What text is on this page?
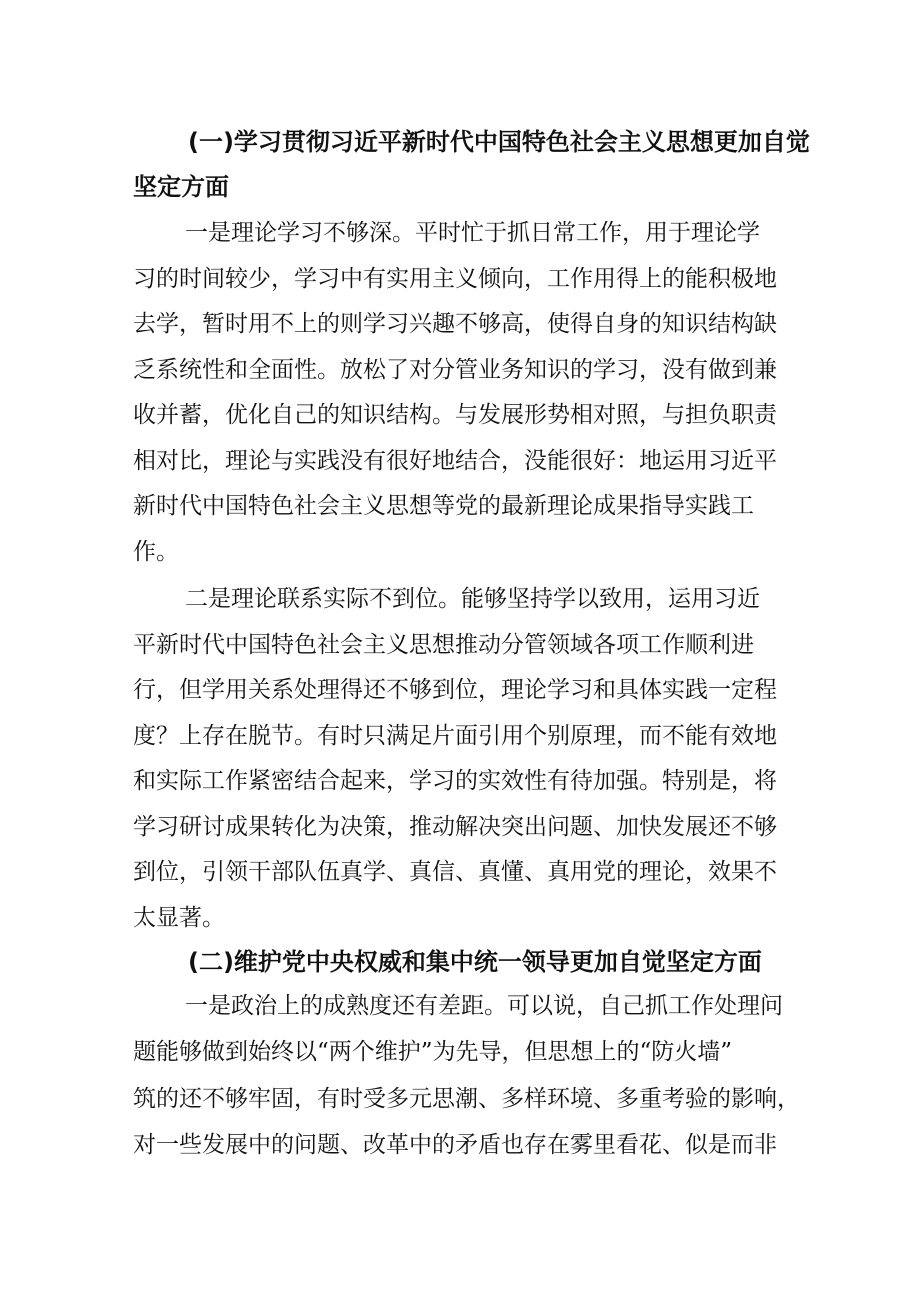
(一)学习贯彻习近平新时代中国特色社会主义思想更加自觉
坚定方面
一是理论学习不够深。平时忙于抓日常工作，用于理论学
习的时间较少，学习中有实用主义倾向，工作用得上的能积极地
去学，暂时用不上的则学习兴趣不够高，使得自身的知识结构缺
乏系统性和全面性。放松了对分管业务知识的学习，没有做到兼
收并蓄，优化自己的知识结构。与发展形势相对照，与担负职责
相对比，理论与实践没有很好地结合，没能很好：地运用习近平
新时代中国特色社会主义思想等党的最新理论成果指导实践工
作。
二是理论联系实际不到位。能够坚持学以致用，运用习近
平新时代中国特色社会主义思想推动分管领域各项工作顺利进
行，但学用关系处理得还不够到位，理论学习和具体实践一定程
度？上存在脱节。有时只满足片面引用个别原理，而不能有效地
和实际工作紧密结合起来，学习的实效性有待加强。特别是，将
学习研讨成果转化为决策，推动解决突出问题、加快发展还不够
到位，引领干部队伍真学、真信、真懂、真用党的理论，效果不
太显著。
(二)维护党中央权威和集中统一领导更加自觉坚定方面
一是政治上的成熟度还有差距。可以说，自己抓工作处理问
题能够做到始终以“两个维护”为先导，但思想上的“防火墙”
筑的还不够牢固，有时受多元思潮、多样环境、多重考验的影响，
对一些发展中的问题、改革中的矛盾也存在雾里看花、似是而非
